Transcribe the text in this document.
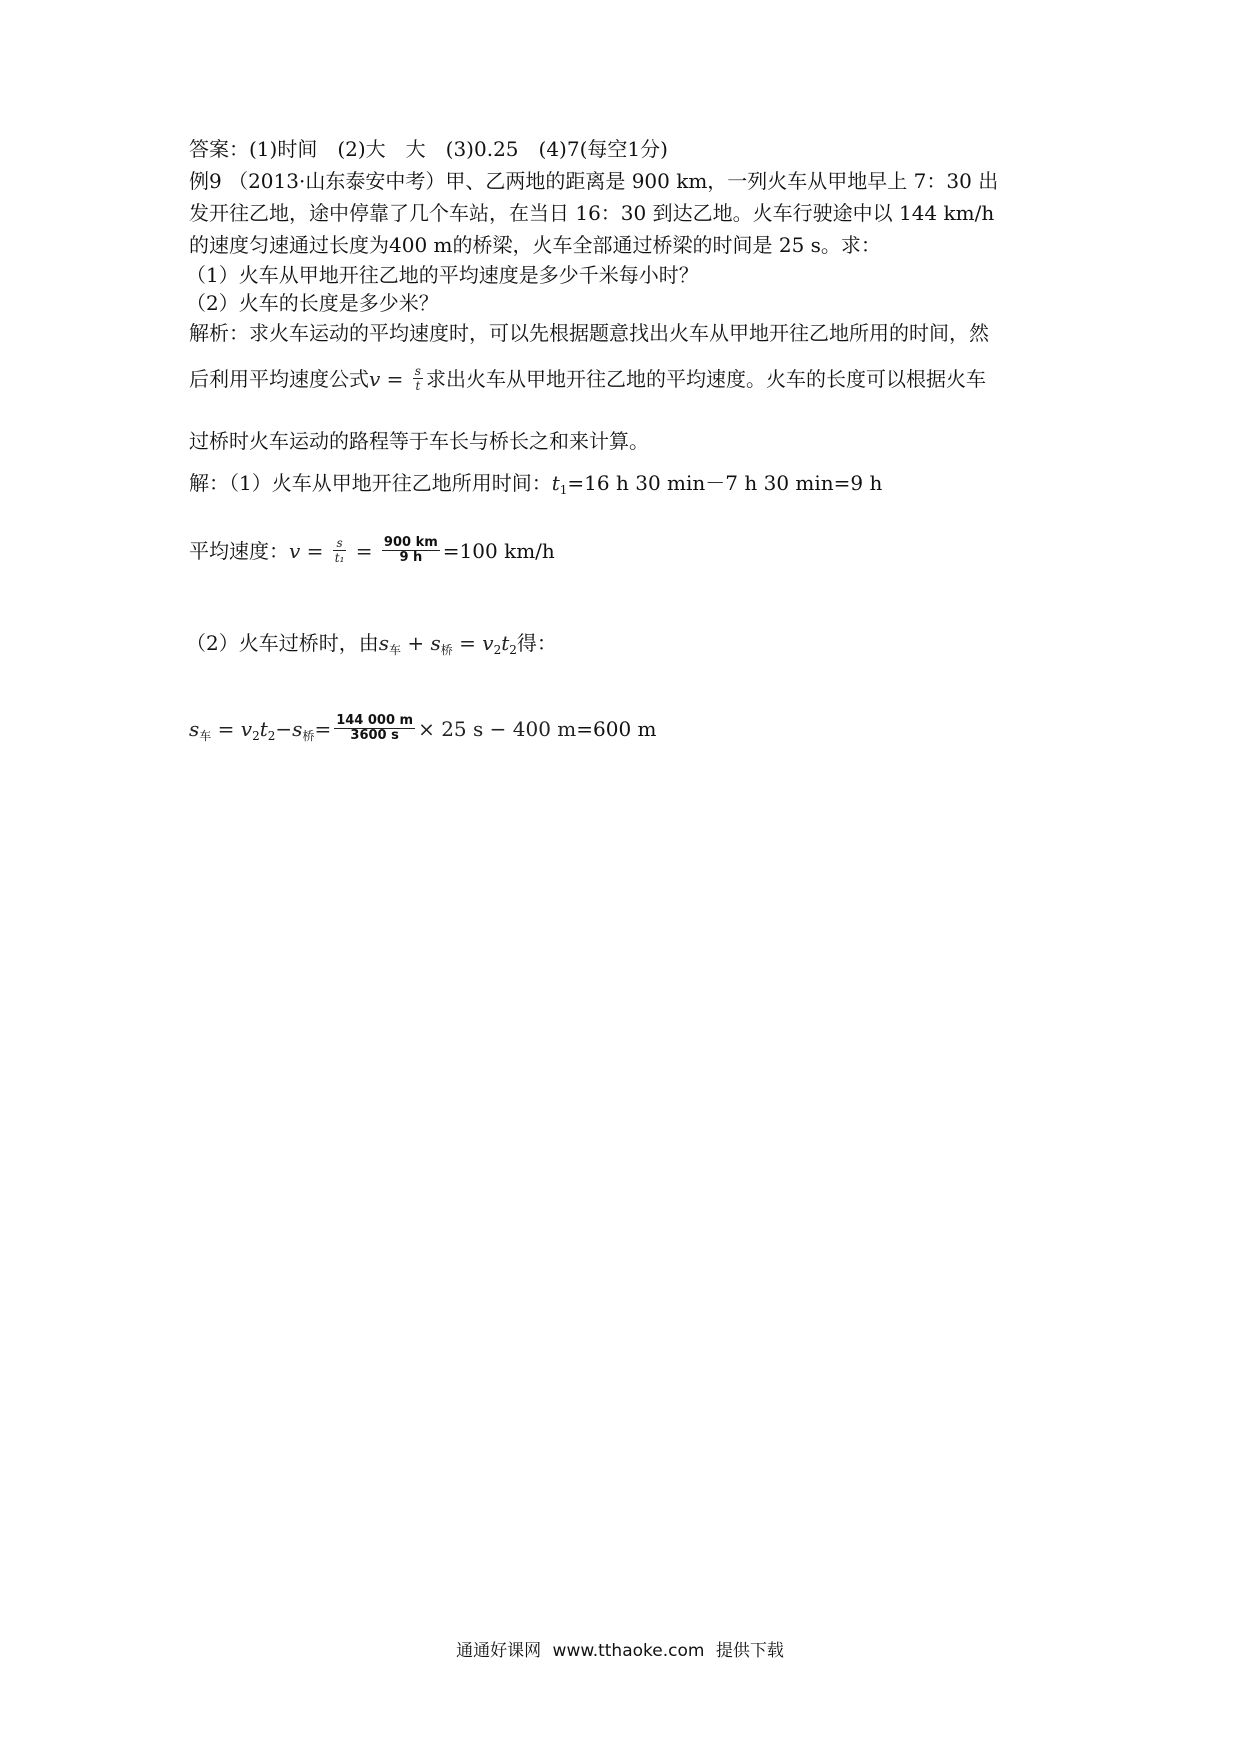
答案：(1)时间　(2)大　大　(3)0.25　(4)7(每空1分)
例9 （2013·山东泰安中考）甲、乙两地的距离是 900 km，一列火车从甲地早上 7：30 出
发开往乙地，途中停靠了几个车站，在当日 16：30 到达乙地。火车行驶途中以 144 km/h
的速度匀速通过长度为400 m的桥梁，火车全部通过桥梁的时间是 25 s。求：
（1）火车从甲地开往乙地的平均速度是多少千米每小时？
（2）火车的长度是多少米？
解析：求火车运动的平均速度时，可以先根据题意找出火车从甲地开往乙地所用的时间，然
后利用平均速度公式$v = \frac{s}{t}$ 求出火车从甲地开往乙地的平均速度。火车的长度可以根据火车
过桥时火车运动的路程等于车长与桥长之和来计算。
解：（1）火车从甲地开往乙地所用时间：$t_1=16$ h 30 min－7 h 30 min=9 h
平均速度：$v = \frac{s}{\text{t₁}} = \frac{900 km}{9 h} =100$ km/h
（2）火车过桥时，由$s_车 + s_桥 = v_2t_2$得：
$s_车 = v_2t_2-s_桥= \frac{144 000 m}{3600 s} \times 25$ s − 400 m=600 m
通通好课网 www.tthaoke.com 提供下载
